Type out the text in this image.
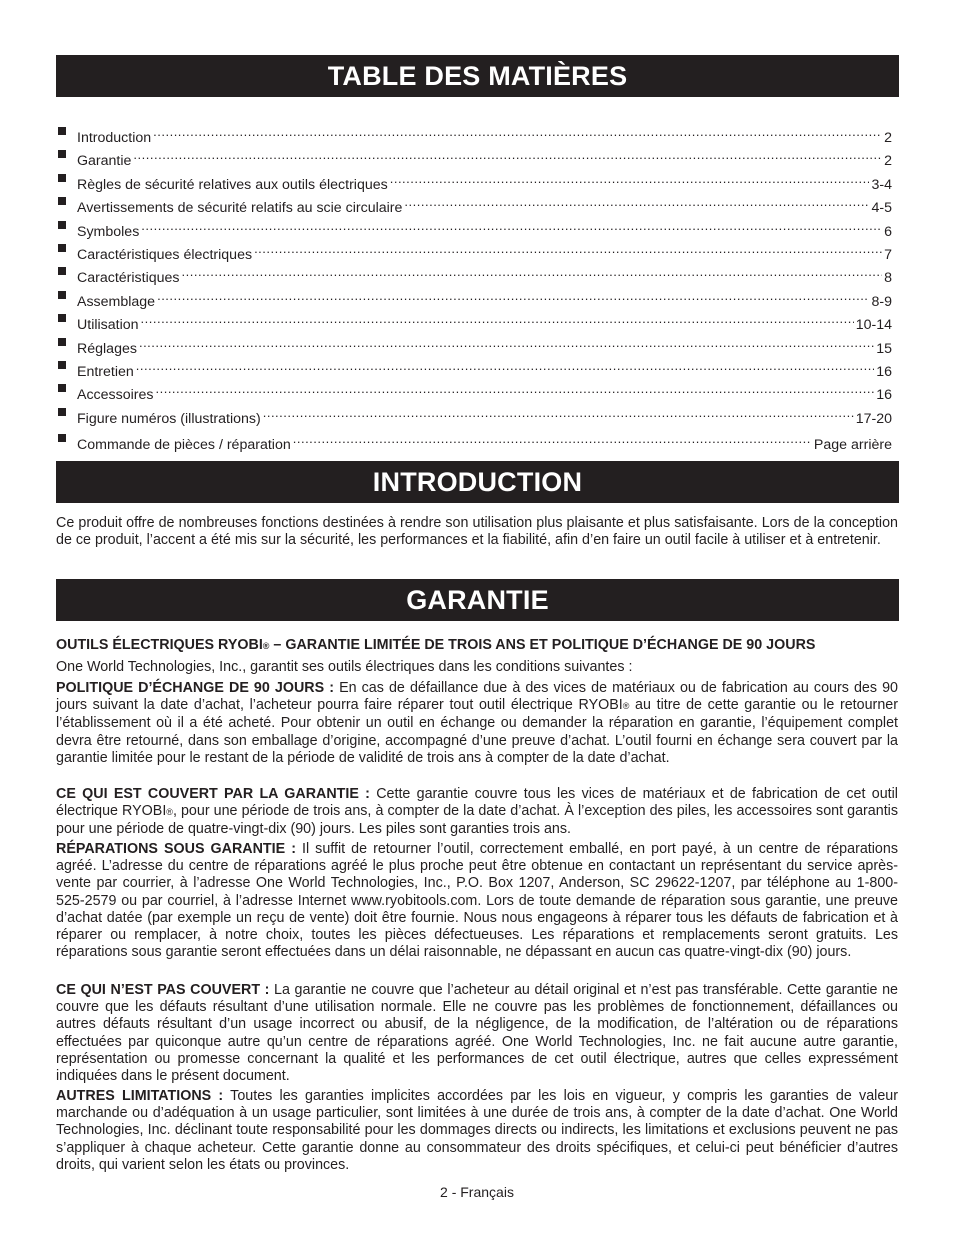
TABLE DES MATIÈRES
Introduction .....	2
Garantie .....	2
Règles de sécurité relatives aux outils électriques .....	3-4
Avertissements de sécurité relatifs au scie circulaire .....	4-5
Symboles .....	6
Caractéristiques électriques .....	7
Caractéristiques .....	8
Assemblage .....	8-9
Utilisation .....	10-14
Réglages .....	15
Entretien .....	16
Accessoires .....	16
Figure numéros (illustrations) .....	17-20
Commande de pièces / réparation .....	Page arrière
INTRODUCTION

Ce produit offre de nombreuses fonctions destinées à rendre son utilisation plus plaisante et plus satisfaisante. Lors de la conception de ce produit, l’accent a été mis sur la sécurité, les performances et la fiabilité, afin d’en faire un outil facile à utiliser et à entretenir.

GARANTIE

OUTILS ÉLECTRIQUES RYOBI® – GARANTIE LIMITÉE DE TROIS ANS ET POLITIQUE D’ÉCHANGE DE 90 JOURS

One World Technologies, Inc., garantit ses outils électriques dans les conditions suivantes :

POLITIQUE D’ÉCHANGE DE 90 JOURS : En cas de défaillance due à des vices de matériaux ou de fabrication au cours des 90 jours suivant la date d’achat, l’acheteur pourra faire réparer tout outil électrique RYOBI® au titre de cette garantie ou le retourner l’établissement où il a été acheté. Pour obtenir un outil en échange ou demander la réparation en garantie, l’équipement complet devra être retourné, dans son emballage d’origine, accompagné d’une preuve d’achat. L’outil fourni en échange sera couvert par la garantie limitée pour le restant de la période de validité de trois ans à compter de la date d’achat.

CE QUI EST COUVERT PAR LA GARANTIE : Cette garantie couvre tous les vices de matériaux et de fabrication de cet outil électrique RYOBI®, pour une période de trois ans, à compter de la date d’achat. À l’exception des piles, les accessoires sont garantis pour une période de quatre-vingt-dix (90) jours. Les piles sont garanties trois ans.

RÉPARATIONS SOUS GARANTIE : Il suffit de retourner l’outil, correctement emballé, en port payé, à un centre de réparations agréé. L’adresse du centre de réparations agréé le plus proche peut être obtenue en contactant un représentant du service après-vente par courrier, à l’adresse One World Technologies, Inc., P.O. Box 1207, Anderson, SC 29622-1207, par téléphone au 1-800-525-2579 ou par courriel, à l’adresse Internet www.ryobitools.com. Lors de toute demande de réparation sous garantie, une preuve d’achat datée (par exemple un reçu de vente) doit être fournie. Nous nous engageons à réparer tous les défauts de fabrication et à réparer ou remplacer, à notre choix, toutes les pièces défectueuses. Les réparations et remplacements seront gratuits. Les réparations sous garantie seront effectuées dans un délai raisonnable, ne dépassant en aucun cas quatre-vingt-dix (90) jours.

CE QUI N’EST PAS COUVERT : La garantie ne couvre que l’acheteur au détail original et n’est pas transférable. Cette garantie ne couvre que les défauts résultant d’une utilisation normale. Elle ne couvre pas les problèmes de fonctionnement, défaillances ou autres défauts résultant d’un usage incorrect ou abusif, de la négligence, de la modification, de l’altération ou de réparations effectuées par quiconque autre qu’un centre de réparations agréé. One World Technologies, Inc. ne fait aucune autre garantie, représentation ou promesse concernant la qualité et les performances de cet outil électrique, autres que celles expressément indiquées dans le présent document.

AUTRES LIMITATIONS : Toutes les garanties implicites accordées par les lois en vigueur, y compris les garanties de valeur marchande ou d’adéquation à un usage particulier, sont limitées à une durée de trois ans, à compter de la date d’achat. One World Technologies, Inc. déclinant toute responsabilité pour les dommages directs ou indirects, les limitations et exclusions peuvent ne pas s’appliquer à chaque acheteur. Cette garantie donne au consommateur des droits spécifiques, et celui-ci peut bénéficier d’autres droits, qui varient selon les états ou provinces.

2 - Français
